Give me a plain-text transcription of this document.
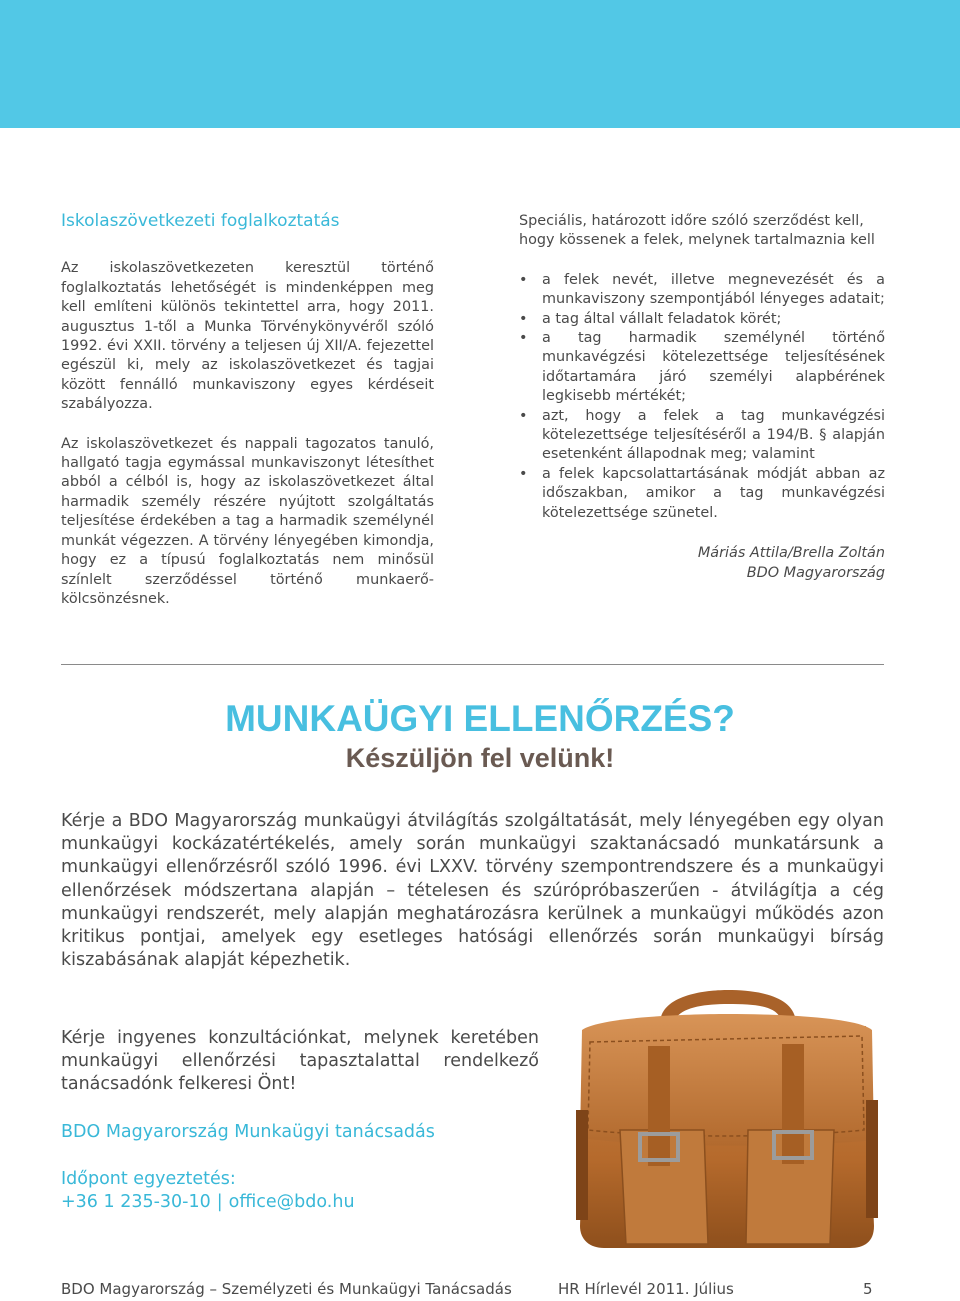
Iskolaszövetkezeti foglalkoztatás

Az iskolaszövetkezeten keresztül történő foglalkoztatás lehetőségét is mindenképpen meg kell említeni különös tekintettel arra, hogy 2011. augusztus 1-től a Munka Törvénykönyvéről szóló 1992. évi XXII. törvény a teljesen új XII/A. fejezettel egészül ki, mely az iskolaszövetkezet és tagjai között fennálló munkaviszony egyes kérdéseit szabályozza.

Az iskolaszövetkezet és nappali tagozatos tanuló, hallgató tagja egymással munkaviszonyt létesíthet abból a célból is, hogy az iskolaszövetkezet által harmadik személy részére nyújtott szolgáltatás teljesítése érdekében a tag a harmadik személynél munkát végezzen. A törvény lényegében kimondja, hogy ez a típusú foglalkoztatás nem minősül színlelt szerződéssel történő munkaerő-kölcsönzésnek.

Speciális, határozott időre szóló szerződést kell, hogy kössenek a felek, melynek tartalmaznia kell

• a felek nevét, illetve megnevezését és a munkaviszony szempontjából lényeges adatait;
• a tag által vállalt feladatok körét;
• a tag harmadik személynél történő munkavégzési kötelezettsége teljesítésének időtartamára járó személyi alapbérének legkisebb mértékét;
• azt, hogy a felek a tag munkavégzési kötelezettsége teljesítéséről a 194/B. § alapján esetenként állapodnak meg; valamint
• a felek kapcsolattartásának módját abban az időszakban, amikor a tag munkavégzési kötelezettsége szünetel.
Máriás Attila/Brella Zoltán
BDO Magyarország
MUNKAÜGYI ELLENŐRZÉS?
Készüljön fel velünk!

Kérje a BDO Magyarország munkaügyi átvilágítás szolgáltatását, mely lényegében egy olyan munkaügyi kockázatértékelés, amely során munkaügyi szaktanácsadó munkatársunk a munkaügyi ellenőrzésről szóló 1996. évi LXXV. törvény szempontrendszere és a munkaügyi ellenőrzések módszertana alapján – tételesen és szúrópróbaszerűen - átvilágítja a cég munkaügyi rendszerét, mely alapján meghatározásra kerülnek a munkaügyi működés azon kritikus pontjai, amelyek egy esetleges hatósági ellenőrzés során munkaügyi bírság kiszabásának alapját képezhetik.

Kérje ingyenes konzultációnkat, melynek keretében munkaügyi ellenőrzési tapasztalattal rendelkező tanácsadónk felkeresi Önt!

BDO Magyarország Munkaügyi tanácsadás
Időpont egyeztetés:
+36 1 235-30-10 | office@bdo.hu
BDO Magyarország – Személyzeti és Munkaügyi Tanácsadás	HR Hírlevél 2011. Július	5
